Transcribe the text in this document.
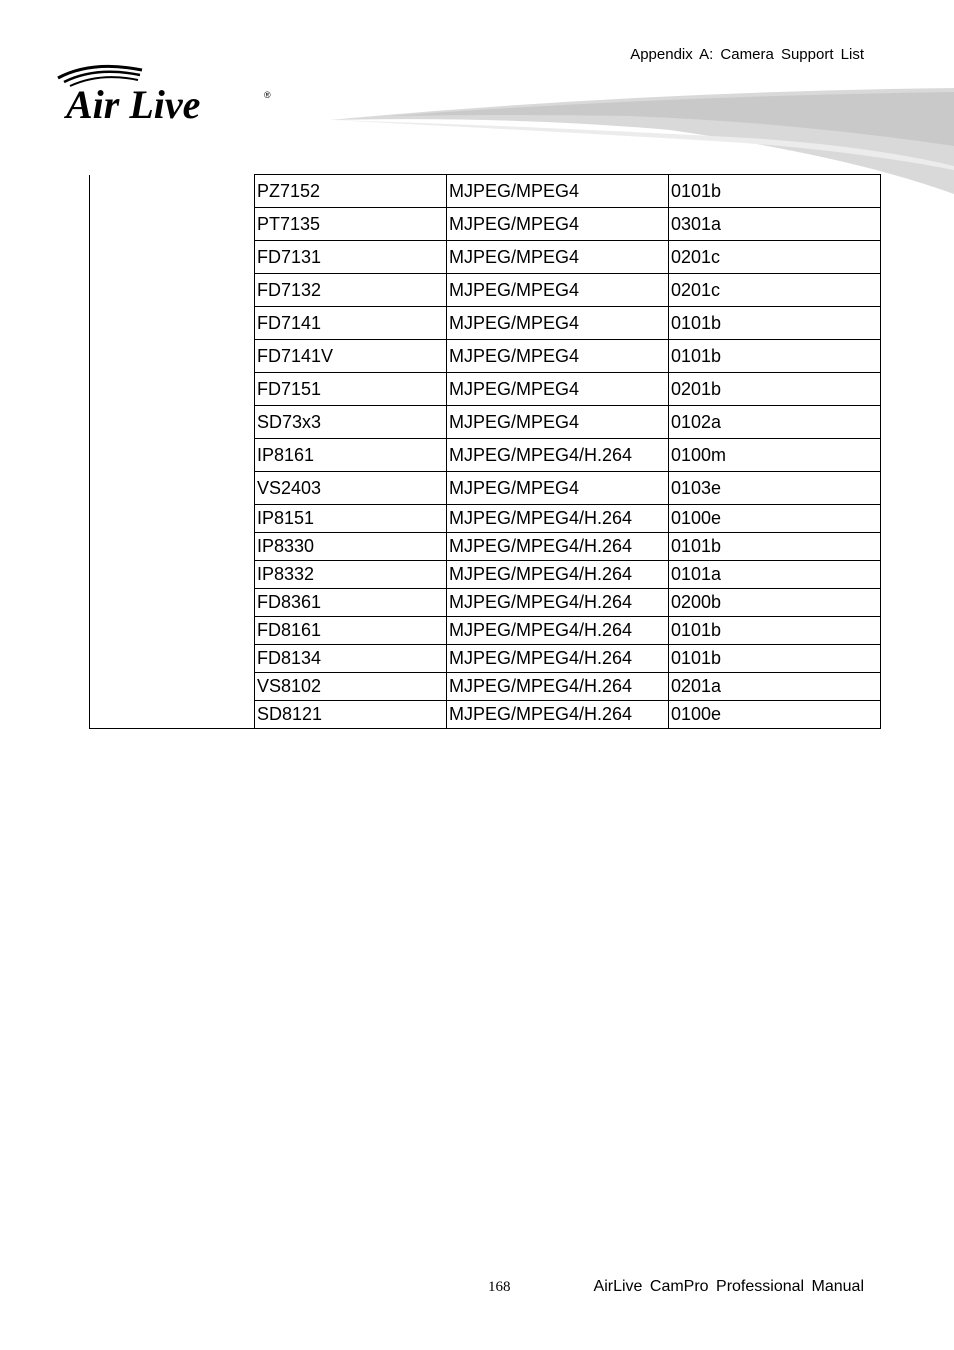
Appendix A: Camera Support List
Air Live	®
	PZ7152	MJPEG/MPEG4	0101b
	PT7135	MJPEG/MPEG4	0301a
	FD7131	MJPEG/MPEG4	0201c
	FD7132	MJPEG/MPEG4	0201c
	FD7141	MJPEG/MPEG4	0101b
	FD7141V	MJPEG/MPEG4	0101b
	FD7151	MJPEG/MPEG4	0201b
	SD73x3	MJPEG/MPEG4	0102a
	IP8161	MJPEG/MPEG4/H.264	0100m
	VS2403	MJPEG/MPEG4	0103e
	IP8151	MJPEG/MPEG4/H.264	0100e
	IP8330	MJPEG/MPEG4/H.264	0101b
	IP8332	MJPEG/MPEG4/H.264	0101a
	FD8361	MJPEG/MPEG4/H.264	0200b
	FD8161	MJPEG/MPEG4/H.264	0101b
	FD8134	MJPEG/MPEG4/H.264	0101b
	VS8102	MJPEG/MPEG4/H.264	0201a
	SD8121	MJPEG/MPEG4/H.264	0100e
168	AirLive CamPro Professional Manual
